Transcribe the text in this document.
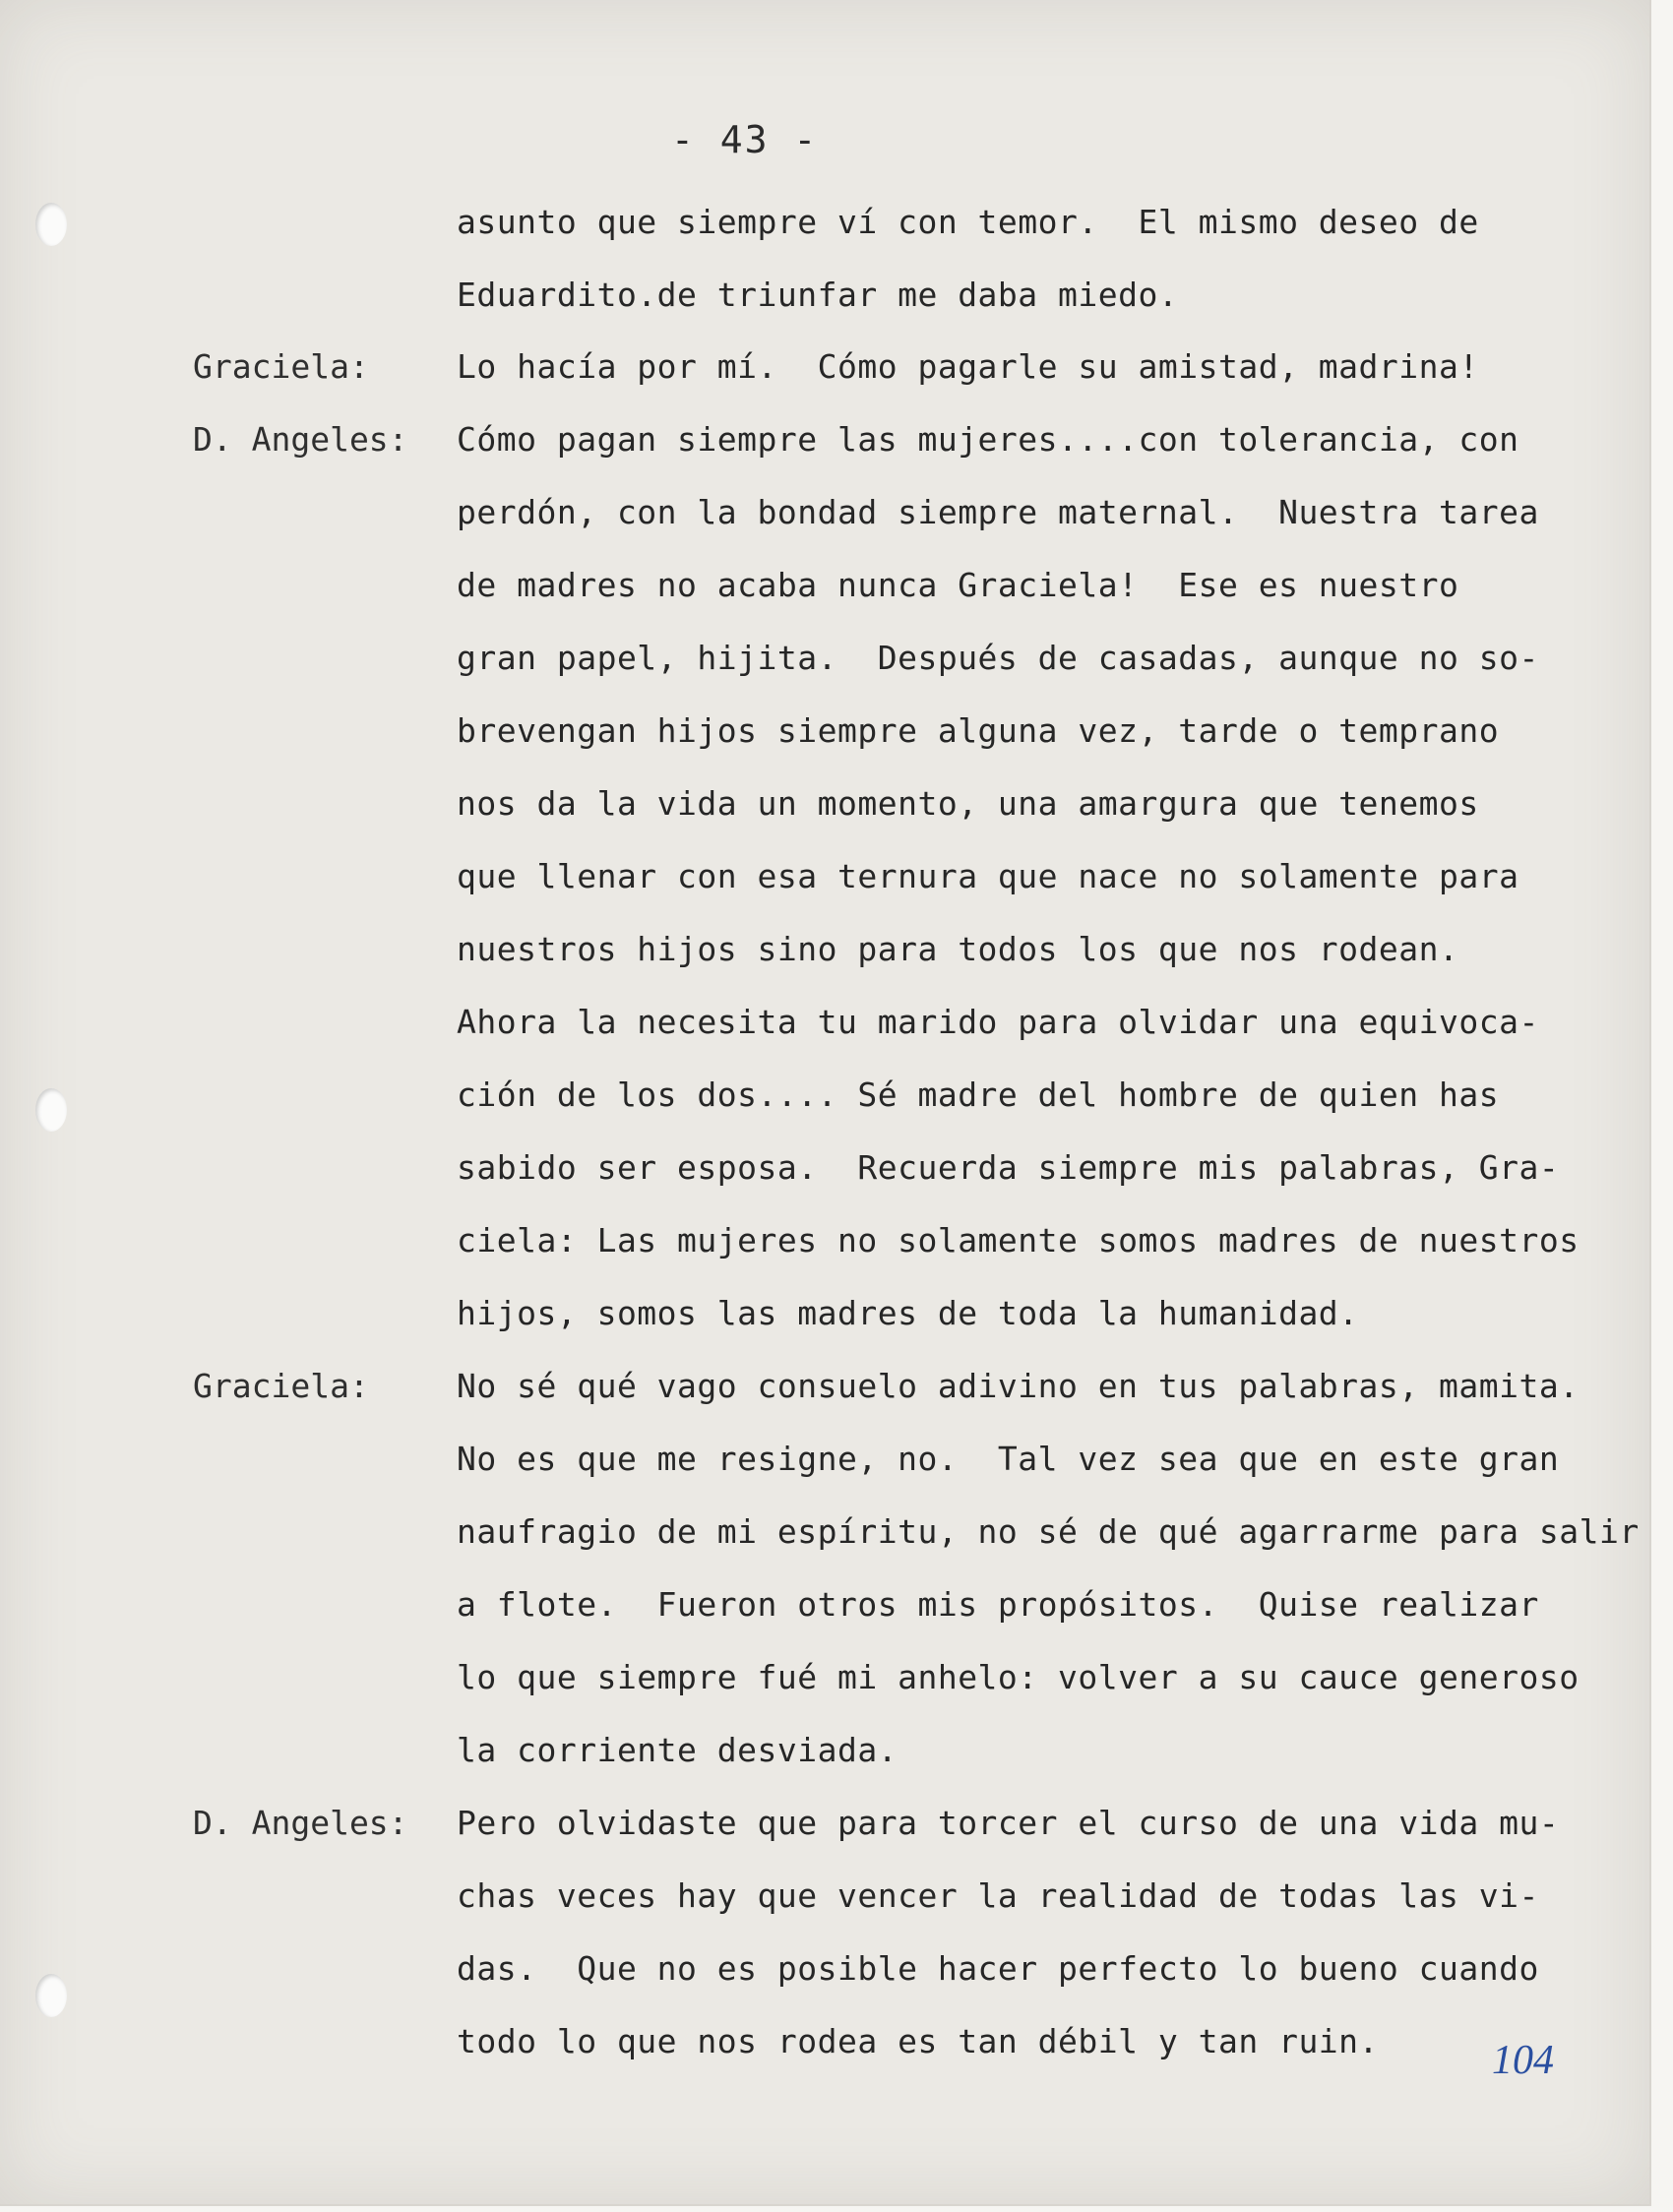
- 43 -
asunto que siempre ví con temor.  El mismo deseo de
Eduardito.de triunfar me daba miedo.
Graciela:	Lo hacía por mí.  Cómo pagarle su amistad, madrina!
D. Angeles: Cómo pagan siempre las mujeres....con tolerancia, con
perdón, con la bondad siempre maternal.  Nuestra tarea
de madres no acaba nunca Graciela!  Ese es nuestro
gran papel, hijita.  Después de casadas, aunque no so-
brevengan hijos siempre alguna vez, tarde o temprano
nos da la vida un momento, una amargura que tenemos
que llenar con esa ternura que nace no solamente para
nuestros hijos sino para todos los que nos rodean.
Ahora la necesita tu marido para olvidar una equivoca-
ción de los dos.... Sé madre del hombre de quien has
sabido ser esposa.  Recuerda siempre mis palabras, Gra-
ciela: Las mujeres no solamente somos madres de nuestros
hijos, somos las madres de toda la humanidad.
Graciela:	No sé qué vago consuelo adivino en tus palabras, mamita.
No es que me resigne, no.  Tal vez sea que en este gran
naufragio de mi espíritu, no sé de qué agarrarme para salir
a flote.  Fueron otros mis propósitos.  Quise realizar
lo que siempre fué mi anhelo: volver a su cauce generoso
la corriente desviada.
D. Angeles: Pero olvidaste que para torcer el curso de una vida mu-
chas veces hay que vencer la realidad de todas las vi-
das.  Que no es posible hacer perfecto lo bueno cuando
todo lo que nos rodea es tan débil y tan ruin.	104
